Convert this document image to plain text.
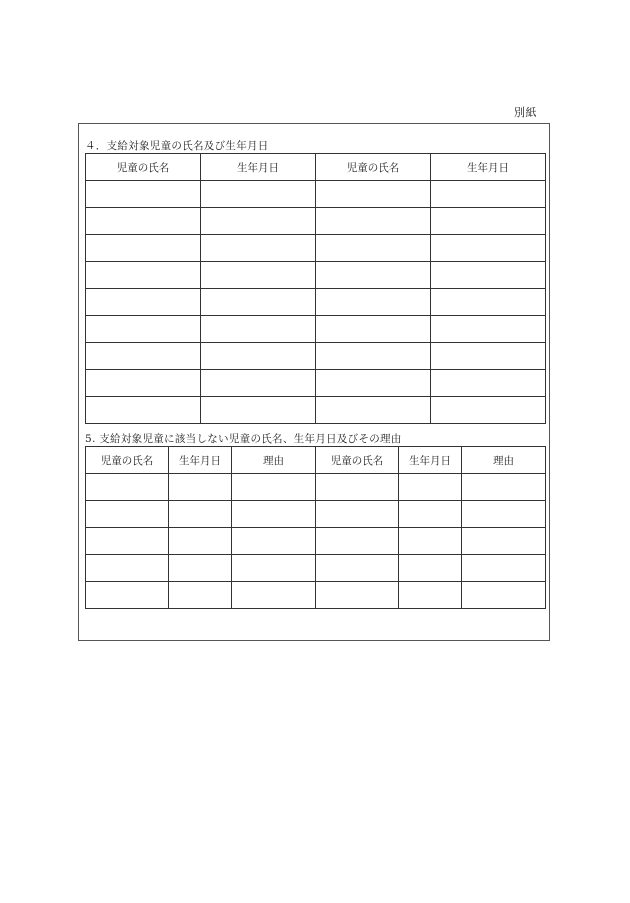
別紙
４．支給対象児童の氏名及び生年月日
児童の氏名	生年月日	児童の氏名	生年月日

5. 支給対象児童に該当しない児童の氏名、生年月日及びその理由
児童の氏名	生年月日	理由	児童の氏名	生年月日	理由
